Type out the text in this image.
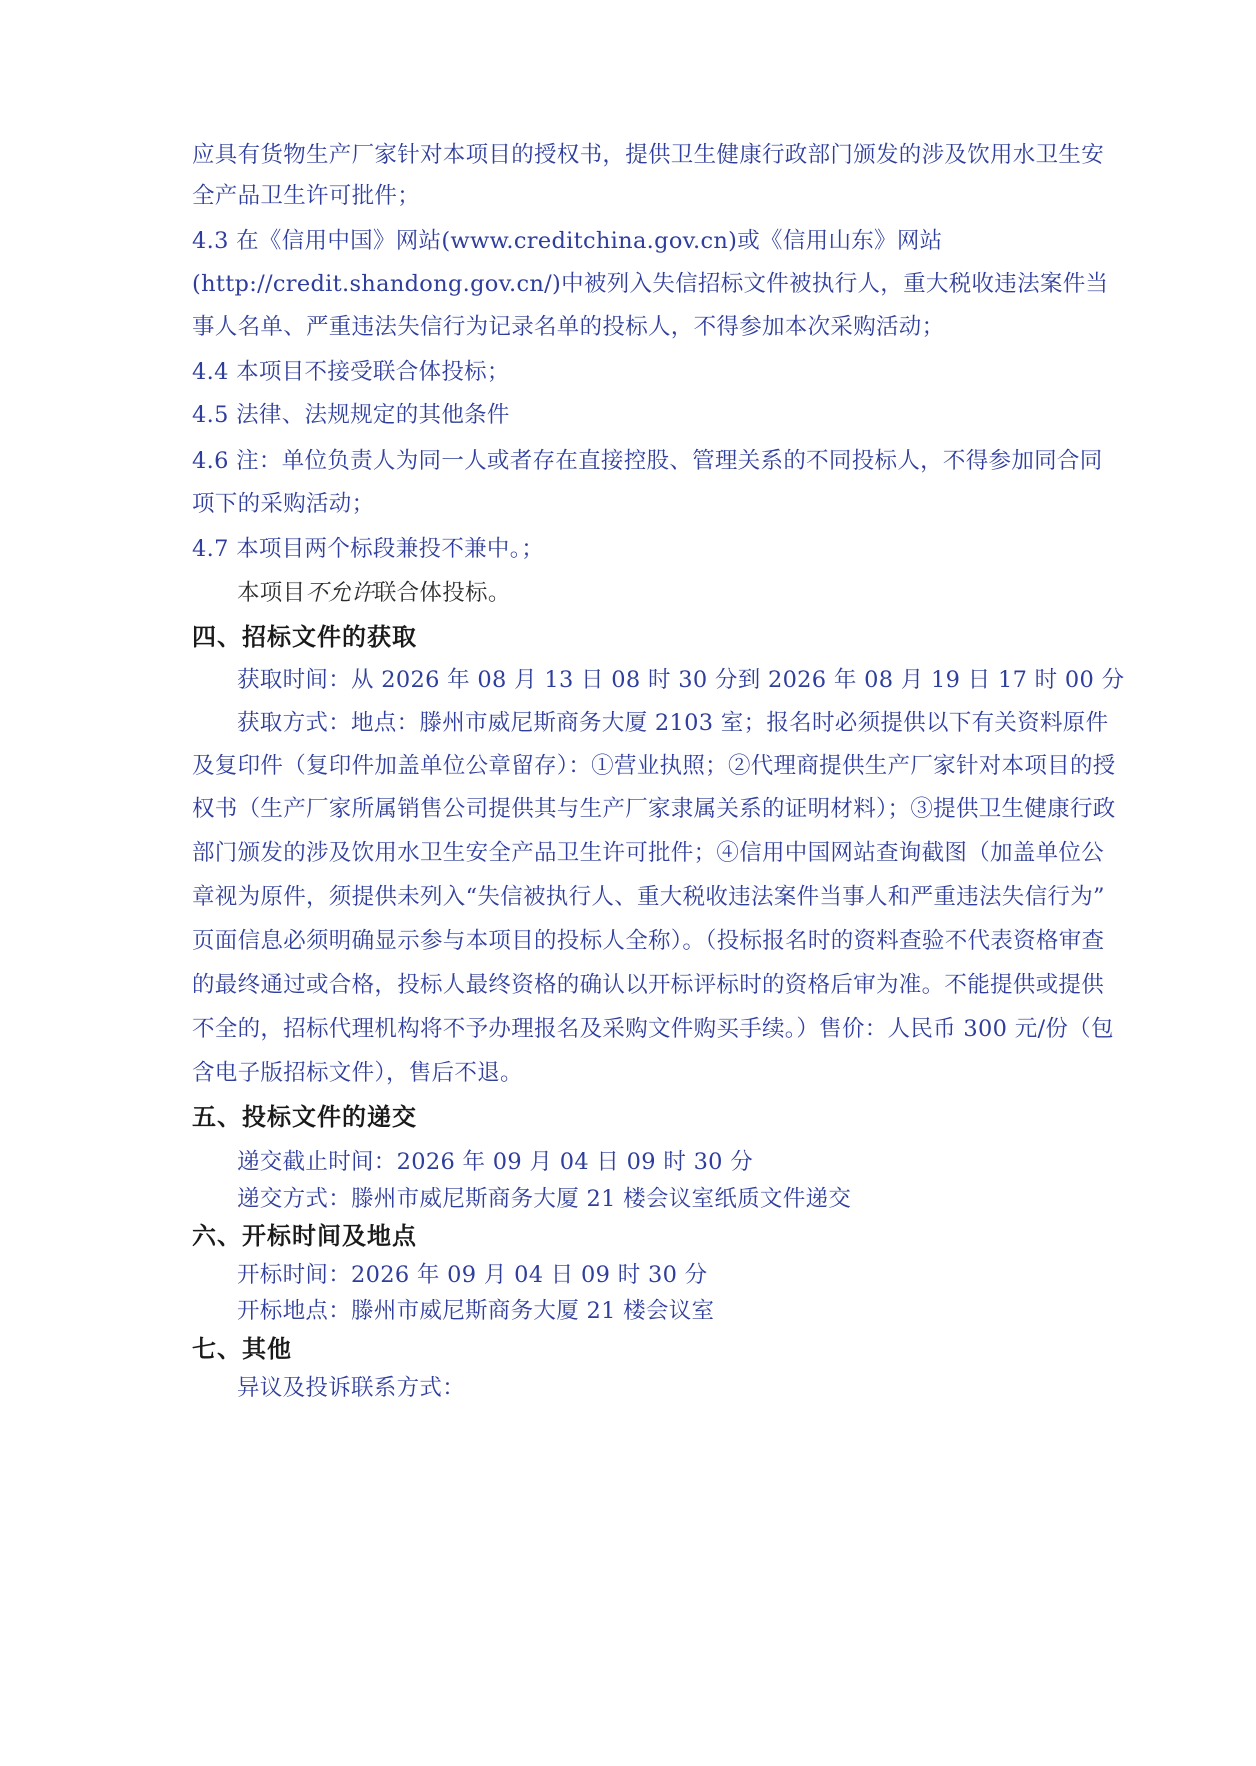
应具有货物生产厂家针对本项目的授权书，提供卫生健康行政部门颁发的涉及饮用水卫生安
全产品卫生许可批件；
4.3 在《信用中国》网站(www.creditchina.gov.cn)或《信用山东》网站
(http://credit.shandong.gov.cn/)中被列入失信招标文件被执行人，重大税收违法案件当
事人名单、严重违法失信行为记录名单的投标人，不得参加本次采购活动；
4.4 本项目不接受联合体投标；
4.5 法律、法规规定的其他条件
4.6 注：单位负责人为同一人或者存在直接控股、管理关系的不同投标人，不得参加同合同
项下的采购活动；
4.7 本项目两个标段兼投不兼中。；
本项目不允许联合体投标。
四、招标文件的获取
获取时间：从 2026 年 08 月 13 日 08 时 30 分到 2026 年 08 月 19 日 17 时 00 分
获取方式：地点：滕州市威尼斯商务大厦 2103 室；报名时必须提供以下有关资料原件
及复印件（复印件加盖单位公章留存）：①营业执照；②代理商提供生产厂家针对本项目的授
权书（生产厂家所属销售公司提供其与生产厂家隶属关系的证明材料）；③提供卫生健康行政
部门颁发的涉及饮用水卫生安全产品卫生许可批件；④信用中国网站查询截图（加盖单位公
章视为原件，须提供未列入“失信被执行人、重大税收违法案件当事人和严重违法失信行为”
页面信息必须明确显示参与本项目的投标人全称）。（投标报名时的资料查验不代表资格审查
的最终通过或合格，投标人最终资格的确认以开标评标时的资格后审为准。不能提供或提供
不全的，招标代理机构将不予办理报名及采购文件购买手续。）售价：人民币 300 元/份（包
含电子版招标文件），售后不退。
五、投标文件的递交
递交截止时间：2026 年 09 月 04 日 09 时 30 分
递交方式：滕州市威尼斯商务大厦 21 楼会议室纸质文件递交
六、开标时间及地点
开标时间：2026 年 09 月 04 日 09 时 30 分
开标地点：滕州市威尼斯商务大厦 21 楼会议室
七、其他
异议及投诉联系方式：
